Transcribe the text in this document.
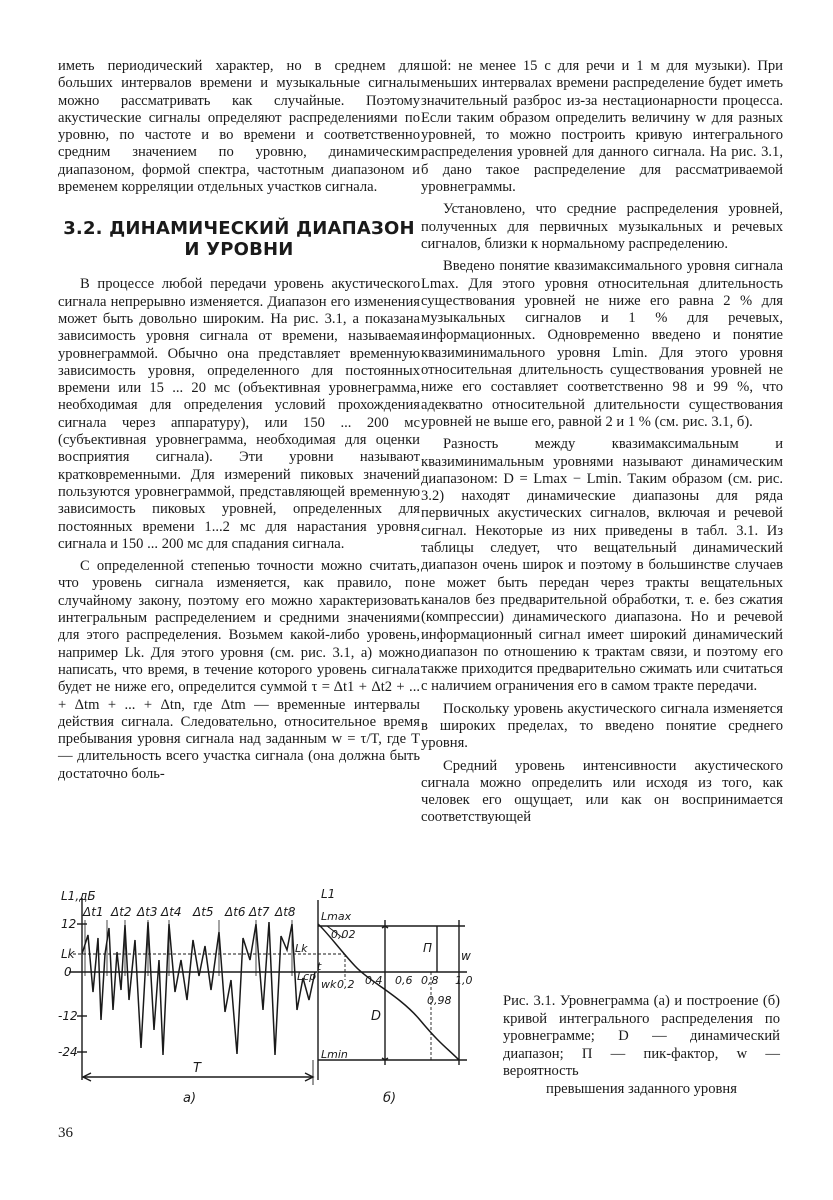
иметь периодический характер, но в среднем для больших интервалов времени и музыкальные сигналы можно рассматривать как случайные. Поэтому акустические сигналы определяют распределениями по уровню, по частоте и во времени и соответственно средним значением по уровню, динамическим диапазоном, формой спектра, частотным диапазоном и временем корреляции отдельных участков сигнала.

3.2. ДИНАМИЧЕСКИЙ ДИАПАЗОН
И УРОВНИ

В процессе любой передачи уровень акустического сигнала непрерывно изменяется. Диапазон его изменения может быть довольно широким. На рис. 3.1, а показана зависимость уровня сигнала от времени, называемая уровнеграммой. Обычно она представляет временную зависимость уровня, определенного для постоянных времени или 15 ... 20 мс (объективная уровнеграмма, необходимая для определения условий прохождения сигнала через аппаратуру), или 150 ... 200 мс (субъективная уровнеграмма, необходимая для оценки восприятия сигнала). Эти уровни называют кратковременными. Для измерений пиковых значений пользуются уровнеграммой, представляющей временную зависимость пиковых уровней, определенных для постоянных времени 1...2 мс для нарастания уровня сигнала и 150 ... 200 мс для спадания сигнала.

С определенной степенью точности можно считать, что уровень сигнала изменяется, как правило, по случайному закону, поэтому его можно характеризовать интегральным распределением и средними значениями для этого распределения. Возьмем какой-либо уровень, например Lk. Для этого уровня (см. рис. 3.1, а) можно написать, что время, в течение которого уровень сигнала будет не ниже его, определится суммой τ = Δt1 + Δt2 + ... + Δtm + ... + Δtn, где Δtm — временные интервалы действия сигнала. Следовательно, относительное время пребывания уровня сигнала над заданным w = τ/T, где T — длительность всего участка сигнала (она должна быть достаточно боль-

шой: не менее 15 с для речи и 1 м для музыки). При меньших интервалах времени распределение будет иметь значительный разброс из-за нестационарности процесса. Если таким образом определить величину w для разных уровней, то можно построить кривую интегрального распределения уровней для данного сигнала. На рис. 3.1, б дано такое распределение для рассматриваемой уровнеграммы.

Установлено, что средние распределения уровней, полученных для первичных музыкальных и речевых сигналов, близки к нормальному распределению.

Введено понятие квазимаксимального уровня сигнала Lmax. Для этого уровня относительная длительность существования уровней не ниже его равна 2 % для музыкальных сигналов и 1 % для речевых, информационных. Одновременно введено и понятие квазиминимального уровня Lmin. Для этого уровня относительная длительность существования уровней не ниже его составляет соответственно 98 и 99 %, что адекватно относительной длительности существования уровней не выше его, равной 2 и 1 % (см. рис. 3.1, б).

Разность между квазимаксимальным и квазиминимальным уровнями называют динамическим диапазоном: D = Lmax − Lmin. Таким образом (см. рис. 3.2) находят динамические диапазоны для ряда первичных акустических сигналов, включая и речевой сигнал. Некоторые из них приведены в табл. 3.1. Из таблицы следует, что вещательный динамический диапазон очень широк и поэтому в большинстве случаев не может быть передан через тракты вещательных каналов без предварительной обработки, т. е. без сжатия (компрессии) динамического диапазона. Но и речевой информационный сигнал имеет широкий динамический диапазон по отношению к трактам связи, и поэтому его также приходится предварительно сжимать или считаться с наличием ограничения его в самом тракте передачи.

Поскольку уровень акустического сигнала изменяется в широких пределах, то введено понятие среднего уровня.

Средний уровень интенсивности акустического сигнала можно определить или исходя из того, как человек его ощущает, или как он воспринимается соответствующей

L1,дБ
12
Lk
0
-12
-24
Δt1 Δt2 Δt3 Δt4 Δt5 Δt6 Δt7 Δt8
T
t
а)
L1
Lmax
0,02
Lk
Lср
wk 0,2 0,4 0,6 0,8 1,0
0,98
П
D
w
Lmin
б)
Рис. 3.1. Уровнеграмма (а) и построение (б) кривой интегрального распределения по уровнеграмме; D — динамический диапазон; П — пик-фактор, w — вероятность
превышения заданного уровня
36
